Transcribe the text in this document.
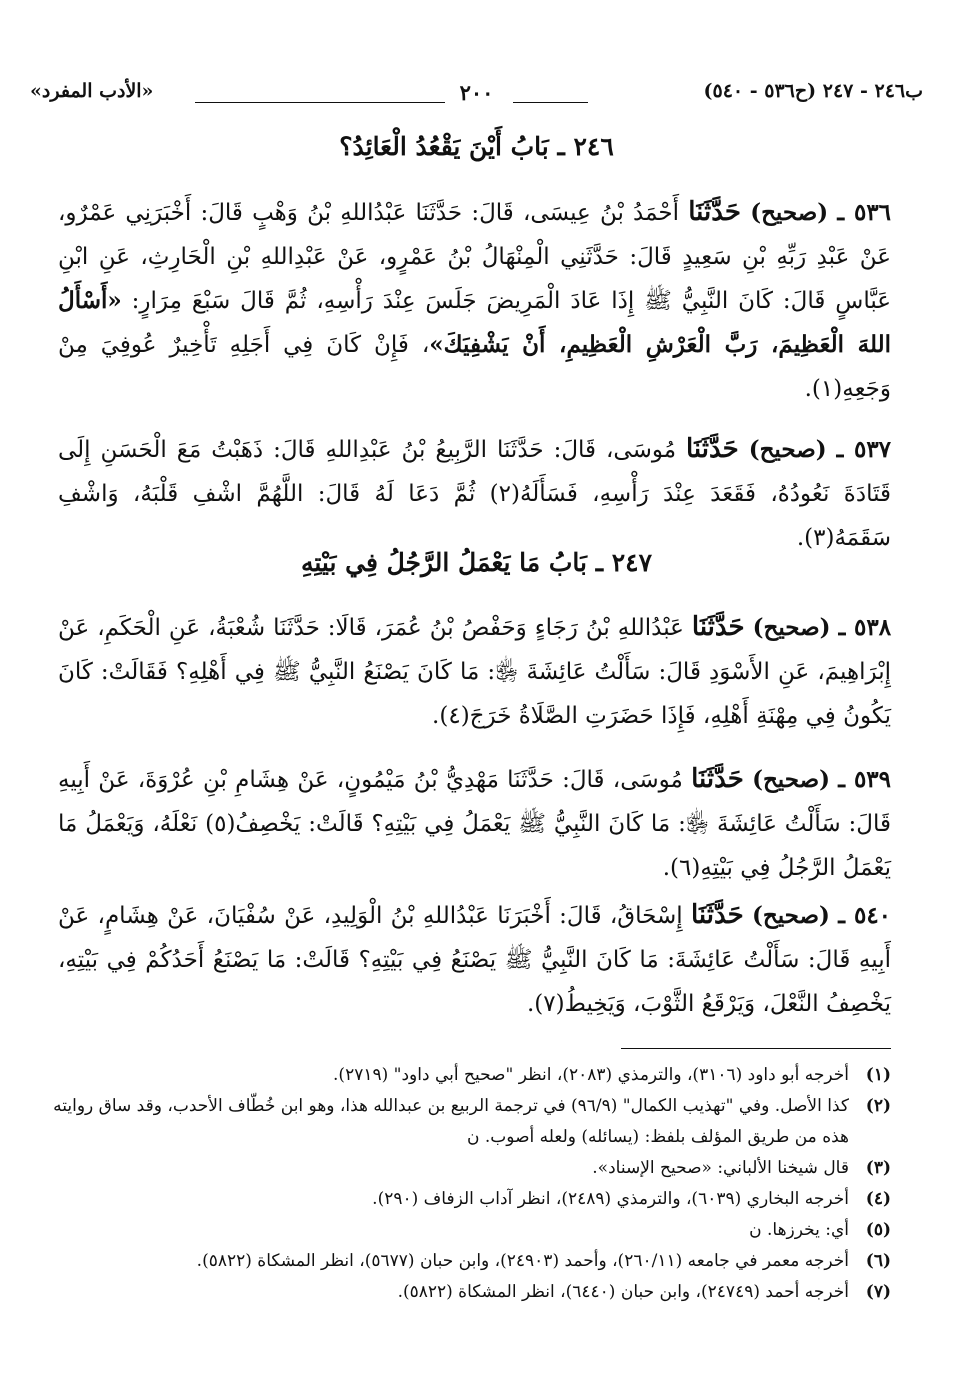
ب٢٤٦ - ٢٤٧ (ح٥٣٦ - ٥٤٠)
٢٠٠
«الأدب المفرد»
٢٤٦ ـ بَابُ أَيْنَ يَقْعُدُ الْعَائِدُ؟
٥٣٦ ـ (صحيح) حَدَّثَنَا أَحْمَدُ بْنُ عِيسَى، قَالَ: حَدَّثَنَا عَبْدُاللهِ بْنُ وَهْبٍ قَالَ: أَخْبَرَنِي عَمْرٌو، عَنْ عَبْدِ رَبِّهِ بْنِ سَعِيدٍ قَالَ: حَدَّثَنِي الْمِنْهَالُ بْنُ عَمْرٍو، عَنْ عَبْدِاللهِ بْنِ الْحَارِثِ، عَنِ ابْنِ عَبَّاسٍ قَالَ: كَانَ النَّبِيُّ ﷺ إِذَا عَادَ الْمَرِيضَ جَلَسَ عِنْدَ رَأْسِهِ، ثُمَّ قَالَ سَبْعَ مِرَارٍ: «أَسْأَلُ اللهَ الْعَظِيمَ، رَبَّ الْعَرْشِ الْعَظِيمِ، أَنْ يَشْفِيَكَ»، فَإِنْ كَانَ فِي أَجَلِهِ تَأْخِيرٌ عُوفِيَ مِنْ وَجَعِهِ(١).
٥٣٧ ـ (صحيح) حَدَّثَنَا مُوسَى، قَالَ: حَدَّثَنَا الرَّبِيعُ بْنُ عَبْدِاللهِ قَالَ: ذَهَبْتُ مَعَ الْحَسَنِ إِلَى قَتَادَةَ نَعُودُهُ، فَقَعَدَ عِنْدَ رَأْسِهِ، فَسَأَلَهُ(٢) ثُمَّ دَعَا لَهُ قَالَ: اللَّهُمَّ اشْفِ قَلْبَهُ، وَاشْفِ سَقَمَهُ(٣).
٢٤٧ ـ بَابُ مَا يَعْمَلُ الرَّجُلُ فِي بَيْتِهِ
٥٣٨ ـ (صحيح) حَدَّثَنَا عَبْدُاللهِ بْنُ رَجَاءٍ وَحَفْصُ بْنُ عُمَرَ، قَالَا: حَدَّثَنَا شُعْبَةُ، عَنِ الْحَكَمِ، عَنْ إِبْرَاهِيمَ، عَنِ الأَسْوَدِ قَالَ: سَأَلْتُ عَائِشَةَ ﵂: مَا كَانَ يَصْنَعُ النَّبِيُّ ﷺ فِي أَهْلِهِ؟ فَقَالَتْ: كَانَ يَكُونُ فِي مِهْنَةِ أَهْلِهِ، فَإِذَا حَضَرَتِ الصَّلَاةُ خَرَجَ(٤).
٥٣٩ ـ (صحيح) حَدَّثَنَا مُوسَى، قَالَ: حَدَّثَنَا مَهْدِيُّ بْنُ مَيْمُونٍ، عَنْ هِشَامِ بْنِ عُرْوَةَ، عَنْ أَبِيهِ قَالَ: سَأَلْتُ عَائِشَةَ ﵂: مَا كَانَ النَّبِيُّ ﷺ يَعْمَلُ فِي بَيْتِهِ؟ قَالَتْ: يَخْصِفُ(٥) نَعْلَهُ، وَيَعْمَلُ مَا يَعْمَلُ الرَّجُلُ فِي بَيْتِهِ(٦).
٥٤٠ ـ (صحيح) حَدَّثَنَا إِسْحَاقُ، قَالَ: أَخْبَرَنَا عَبْدُاللهِ بْنُ الْوَلِيدِ، عَنْ سُفْيَانَ، عَنْ هِشَامٍ، عَنْ أَبِيهِ قَالَ: سَأَلْتُ عَائِشَةَ: مَا كَانَ النَّبِيُّ ﷺ يَصْنَعُ فِي بَيْتِهِ؟ قَالَتْ: مَا يَصْنَعُ أَحَدُكُمْ فِي بَيْتِهِ، يَخْصِفُ النَّعْلَ، وَيَرْقَعُ الثَّوْبَ، وَيَخِيطُ(٧).
(١)
أخرجه أبو داود (٣١٠٦)، والترمذي (٢٠٨٣)، انظر "صحيح أبي داود" (٢٧١٩).
(٢)
كذا الأصل. وفي "تهذيب الكمال" (٩٦/٩) في ترجمة الربيع بن عبدالله هذا، وهو ابن خُطّاف الأحدب، وقد ساق روايته هذه من طريق المؤلف بلفظ: (يسائله) ولعله أصوب. ن
(٣)
قال شيخنا الألباني: «صحيح الإسناد».
(٤)
أخرجه البخاري (٦٠٣٩)، والترمذي (٢٤٨٩)، انظر آداب الزفاف (٢٩٠).
(٥)
أي: يخرزها. ن
(٦)
أخرجه معمر في جامعه (٢٦٠/١١)، وأحمد (٢٤٩٠٣)، وابن حبان (٥٦٧٧)، انظر المشكاة (٥٨٢٢).
(٧)
أخرجه أحمد (٢٤٧٤٩)، وابن حبان (٦٤٤٠)، انظر المشكاة (٥٨٢٢).
